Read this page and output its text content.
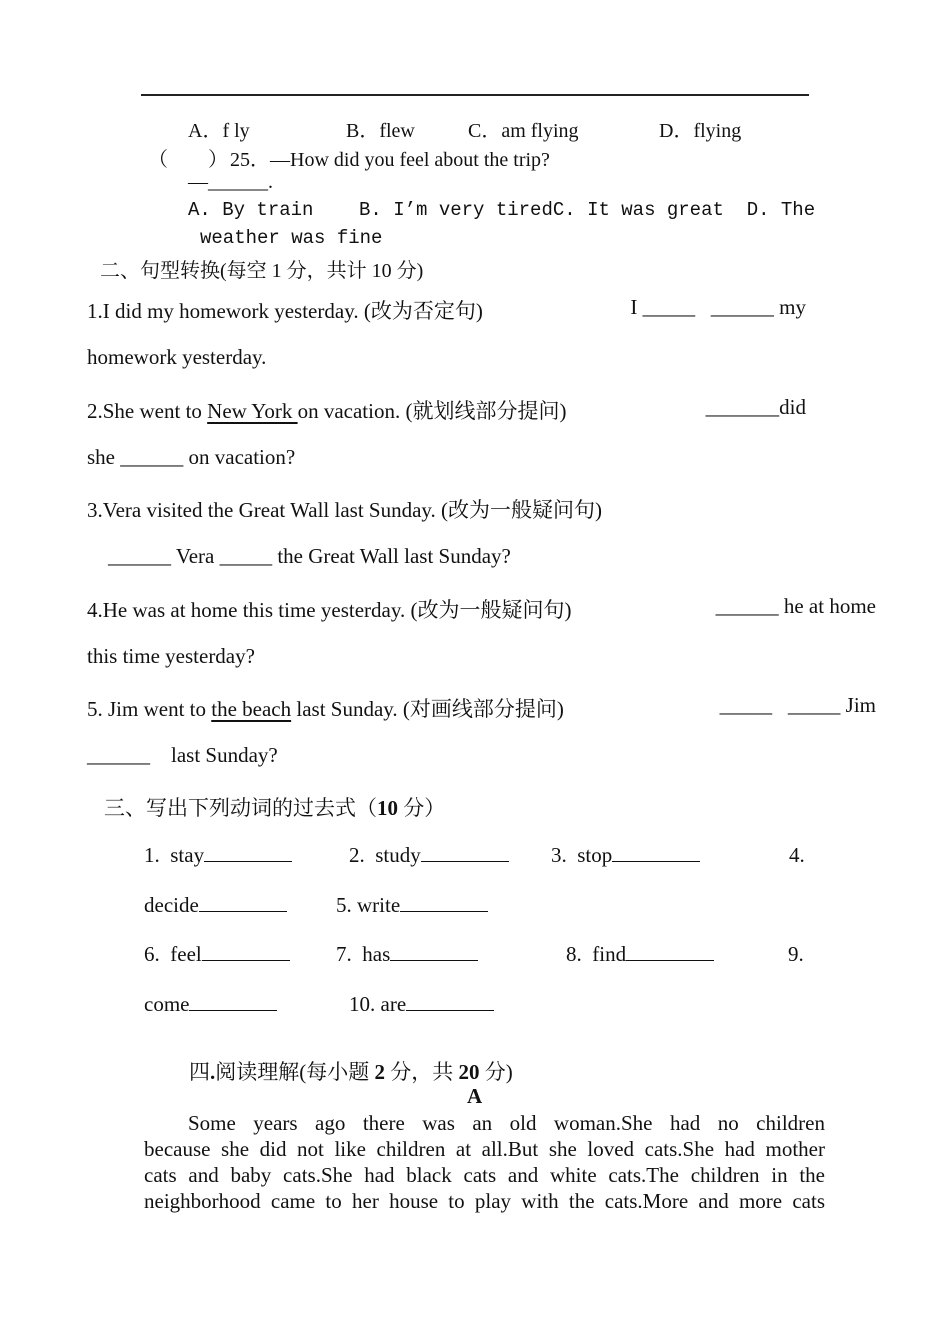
A．f ly	B．flew	C．am flying	D．flying
（　　） 25．—How did you feel about the trip?
—______.
A. By train    B. I’m very tiredC. It was great  D. The
weather was fine
二、句型转换(每空 1 分，共计 10 分)
1.I did my homework yesterday. (改为否定句)	I _____   ______ my
homework yesterday.
2.She went to New York on vacation. (就划线部分提问)	_______did
she ______ on vacation?
3.Vera visited the Great Wall last Sunday. (改为一般疑问句)
______ Vera _____ the Great Wall last Sunday?
4.He was at home this time yesterday. (改为一般疑问句)	______ he at home
this time yesterday?
5. Jim went to the beach last Sunday. (对画线部分提问)	_____   _____ Jim
______    last Sunday?
三、写出下列动词的过去式（10 分）
1.  stay	2.  study	3.  stop	4.
decide	5. write
6.  feel	7.  has	8.  find	9.
come	10. are
四.阅读理解(每小题 2 分，共 20 分)
A
Some years ago there was an old woman.She had no children
because she did not like children at all.But she loved cats.She had mother
cats and baby cats.She had black cats and white cats.The children in the
neighborhood came to her house to play with the cats.More and more cats
